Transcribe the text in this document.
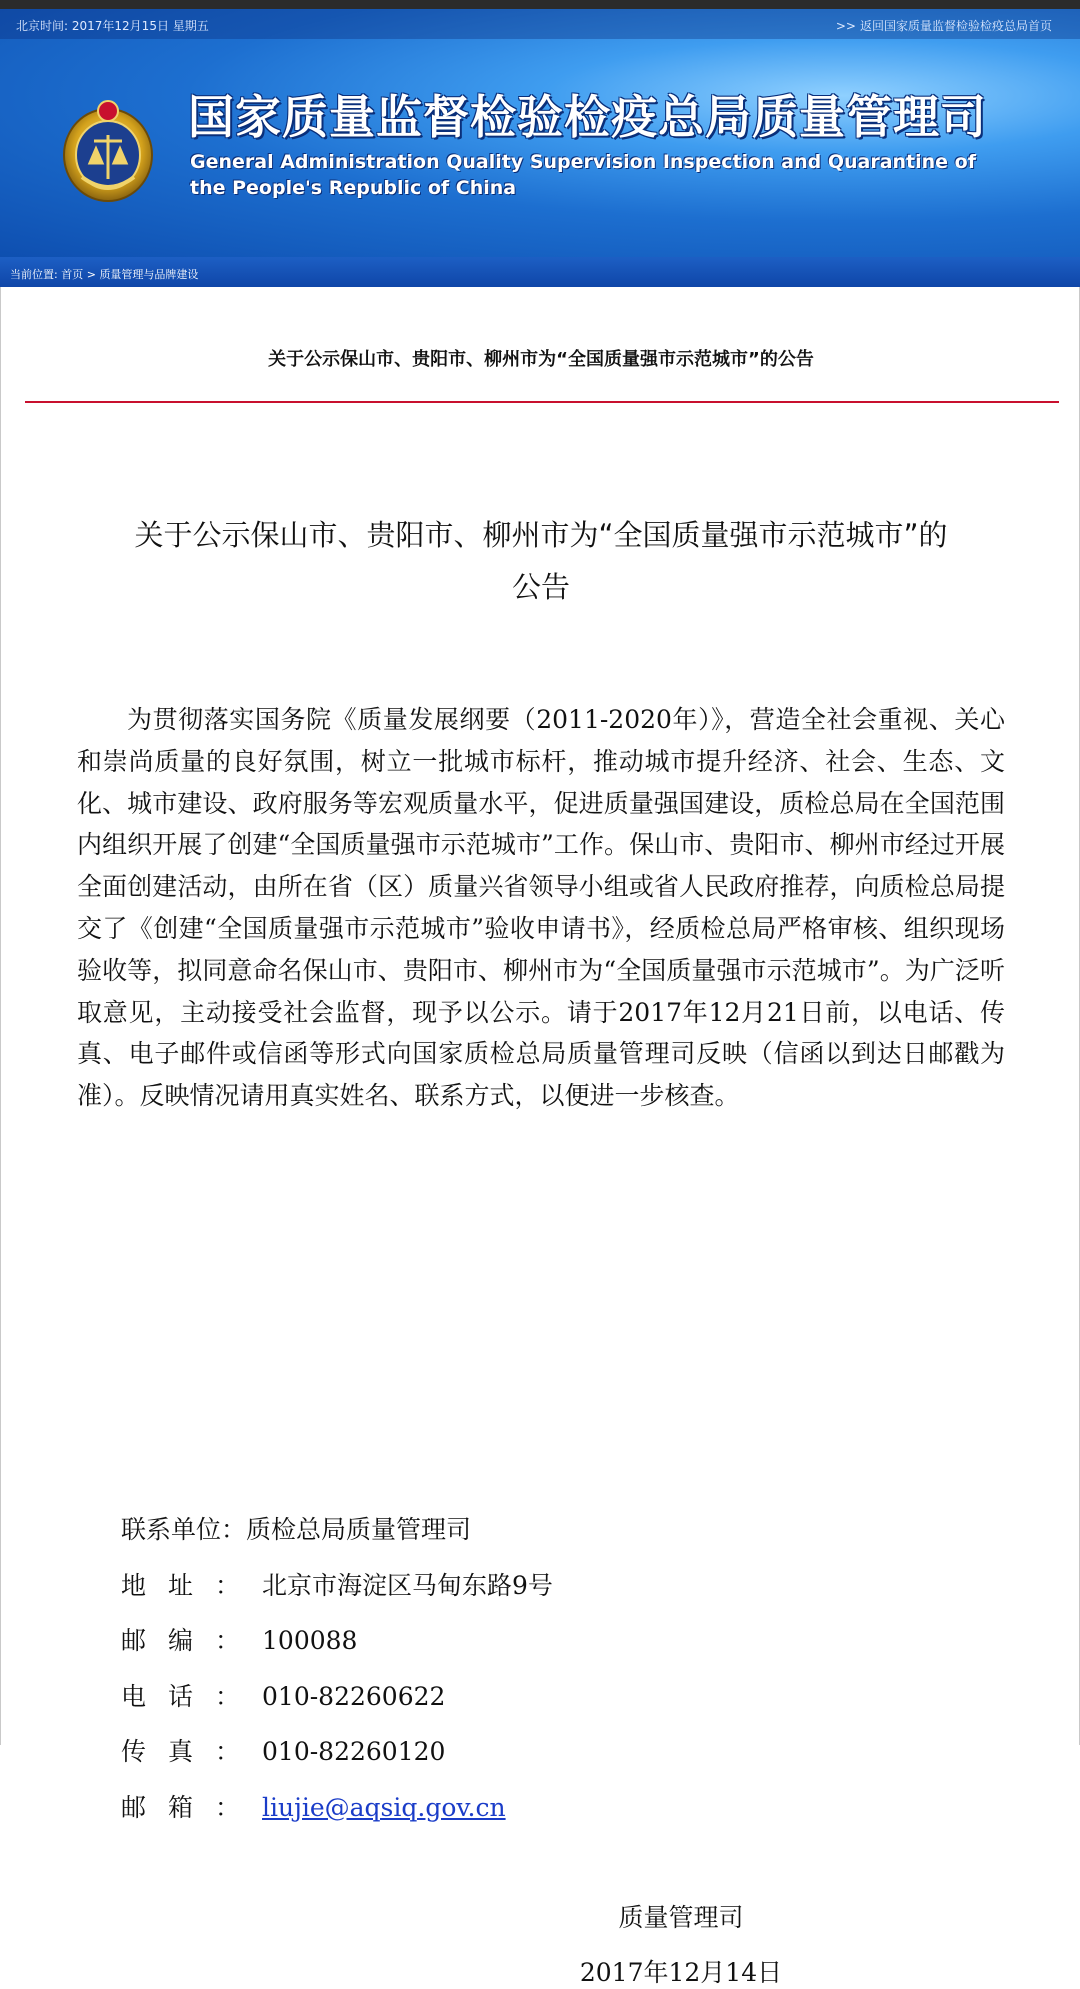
北京时间: 2017年12月15日 星期五	>> 返回国家质量监督检验检疫总局首页
国家质量监督检验检疫总局质量管理司
General Administration Quality Supervision Inspection and Quarantine of
the People's Republic of China
当前位置: 首页 > 质量管理与品牌建设
关于公示保山市、贵阳市、柳州市为“全国质量强市示范城市”的公告
关于公示保山市、贵阳市、柳州市为“全国质量强市示范城市”的
公告
为贯彻落实国务院《质量发展纲要（2011-2020年）》，营造全社会重视、关心和崇尚质量的良好氛围，树立一批城市标杆，推动城市提升经济、社会、生态、文化、城市建设、政府服务等宏观质量水平，促进质量强国建设，质检总局在全国范围内组织开展了创建“全国质量强市示范城市”工作。保山市、贵阳市、柳州市经过开展全面创建活动，由所在省（区）质量兴省领导小组或省人民政府推荐，向质检总局提交了《创建“全国质量强市示范城市”验收申请书》，经质检总局严格审核、组织现场验收等，拟同意命名保山市、贵阳市、柳州市为“全国质量强市示范城市”。为广泛听取意见，主动接受社会监督，现予以公示。请于2017年12月21日前，以电话、传真、电子邮件或信函等形式向国家质检总局质量管理司反映（信函以到达日邮戳为准）。反映情况请用真实姓名、联系方式，以便进一步核查。
联系单位：质检总局质量管理司
地址：北京市海淀区马甸东路9号
邮编：100088
电话：010-82260622
传真：010-82260120
邮箱：liujie@aqsiq.gov.cn
质量管理司
2017年12月14日
